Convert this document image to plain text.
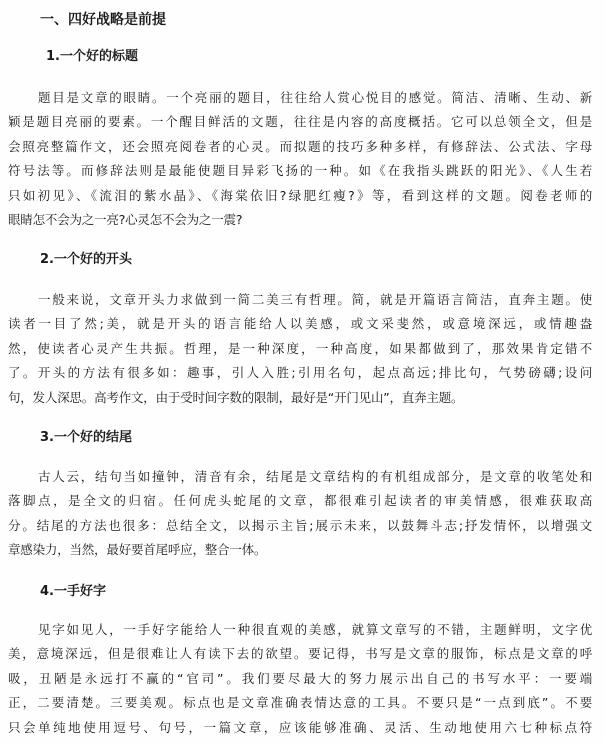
一、四好战略是前提
1.一个好的标题
题目是文章的眼睛。一个亮丽的题目，往往给人赏心悦目的感觉。简洁、清晰、生动、新
颖是题目亮丽的要素。一个醒目鲜活的文题，往往是内容的高度概括。它可以总领全文，但是
会照亮整篇作文，还会照亮阅卷者的心灵。而拟题的技巧多种多样，有修辞法、公式法、字母
符号法等。而修辞法则是最能使题目异彩飞扬的一种。如《在我指头跳跃的阳光》、《人生若
只如初见》、《流泪的紫水晶》、《海棠依旧?绿肥红瘦?》等，看到这样的文题。阅卷老师的
眼睛怎不会为之一亮?心灵怎不会为之一震?
2.一个好的开头
一般来说，文章开头力求做到一简二美三有哲理。简，就是开篇语言简洁，直奔主题。使
读者一目了然;美，就是开头的语言能给人以美感，或文采斐然，或意境深远，或情趣盎
然，使读者心灵产生共振。哲理，是一种深度，一种高度，如果都做到了，那效果肯定错不
了。开头的方法有很多如：趣事，引人入胜;引用名句，起点高远;排比句，气势磅礴;设问
句，发人深思。高考作文，由于受时间字数的限制，最好是“开门见山”，直奔主题。
3.一个好的结尾
古人云，结句当如撞钟，清音有余，结尾是文章结构的有机组成部分，是文章的收笔处和
落脚点，是全文的归宿。任何虎头蛇尾的文章，都很难引起读者的审美情感，很难获取高
分。结尾的方法也很多：总结全文，以揭示主旨;展示未来，以鼓舞斗志;抒发情怀，以增强文
章感染力，当然，最好要首尾呼应，整合一体。
4.一手好字
见字如见人，一手好字能给人一种很直观的美感，就算文章写的不错，主题鲜明，文字优
美，意境深远，但是很难让人有读下去的欲望。要记得，书写是文章的服饰，标点是文章的呼
吸，丑陋是永远打不赢的“官司”。我们要尽最大的努力展示出自己的书写水平：一要端
正，二要清楚。三要美观。标点也是文章准确表情达意的工具。不要只是“一点到底”。不要
只会单纯地使用逗号、句号，一篇文章，应该能够准确、灵活、生动地使用六七种标点符
